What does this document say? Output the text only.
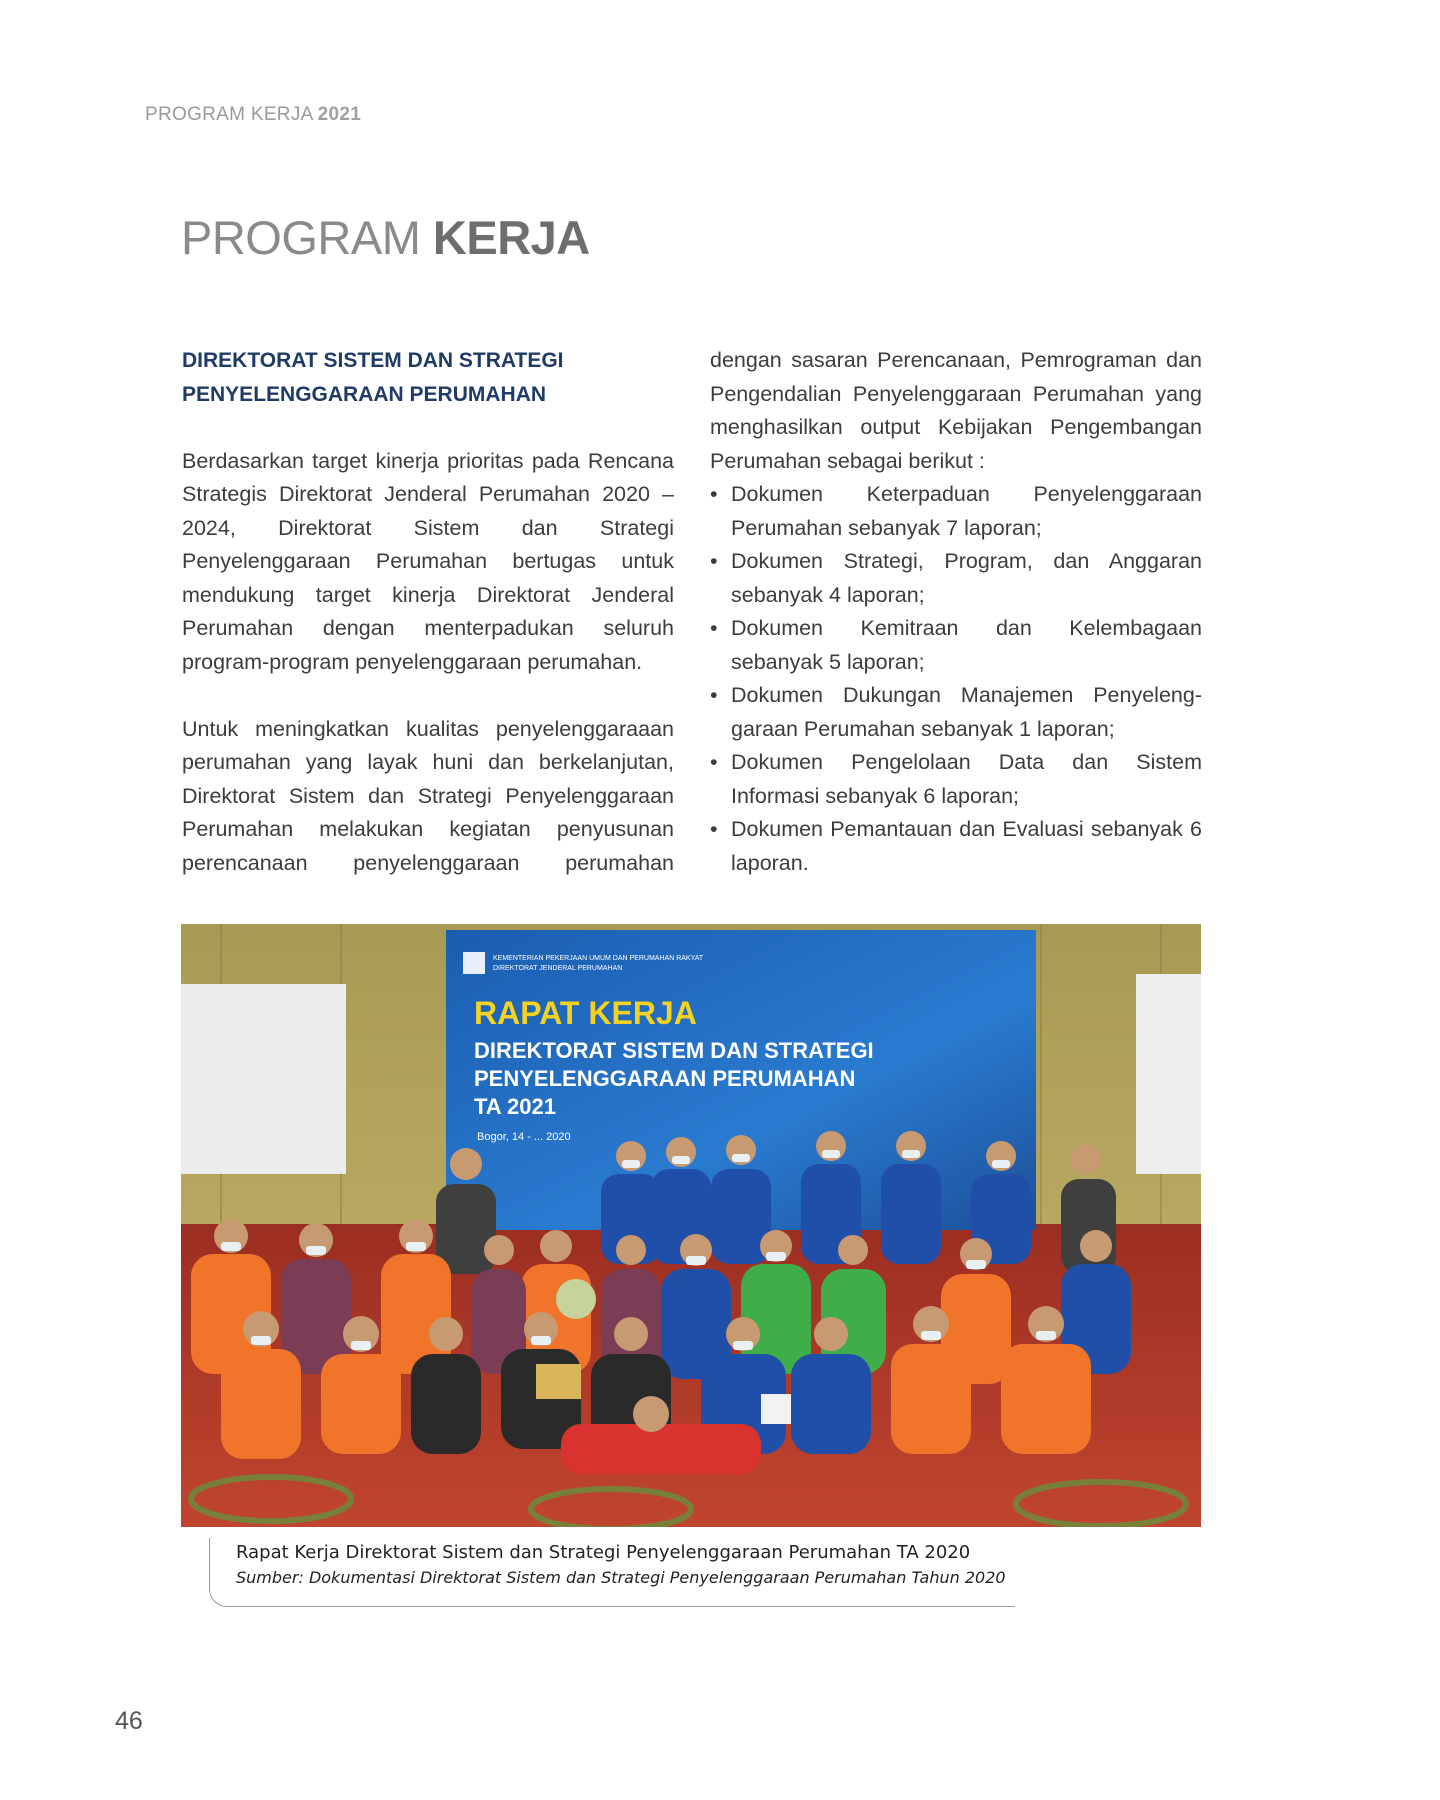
PROGRAM KERJA 2021
PROGRAM KERJA
DIREKTORAT SISTEM DAN STRATEGI
PENYELENGGARAAN PERUMAHAN

Berdasarkan target kinerja prioritas pada Rencana Strategis Direktorat Jenderal Perumahan 2020 – 2024, Direktorat Sistem dan Strategi Penyelenggaraan Perumahan bertugas untuk mendukung target kinerja Direktorat Jenderal Perumahan dengan menterpadukan seluruh program-program penyelenggaraan perumahan.

Untuk meningkatkan kualitas penyelenggaraaan perumahan yang layak huni dan berkelanjutan, Direktorat Sistem dan Strategi Penyelenggaraan Perumahan melakukan kegiatan penyusunan perencanaan penyelenggaraan perumahan

dengan sasaran Perencanaan, Pemrograman dan Pengendalian Penyelenggaraan Perumahan yang menghasilkan output Kebijakan Pengembangan Perumahan sebagai berikut :

• Dokumen Keterpaduan Penyelenggaraan Perumahan sebanyak 7 laporan;
• Dokumen Strategi, Program, dan Anggaran sebanyak 4 laporan;
• Dokumen Kemitraan dan Kelembagaan sebanyak 5 laporan;
• Dokumen Dukungan Manajemen Penyeleng-garaan Perumahan sebanyak 1 laporan;
• Dokumen Pengelolaan Data dan Sistem Informasi sebanyak 6 laporan;
• Dokumen Pemantauan dan Evaluasi sebanyak 6 laporan.
KEMENTERIAN PEKERJAAN UMUM DAN PERUMAHAN RAKYAT
DIREKTORAT JENDERAL PERUMAHAN
RAPAT KERJA
DIREKTORAT SISTEM DAN STRATEGI
PENYELENGGARAAN PERUMAHAN
TA 2021
Bogor, 14 - ... 2020
Rapat Kerja Direktorat Sistem dan Strategi Penyelenggaraan Perumahan TA 2020
Sumber: Dokumentasi Direktorat Sistem dan Strategi Penyelenggaraan Perumahan Tahun 2020
46
